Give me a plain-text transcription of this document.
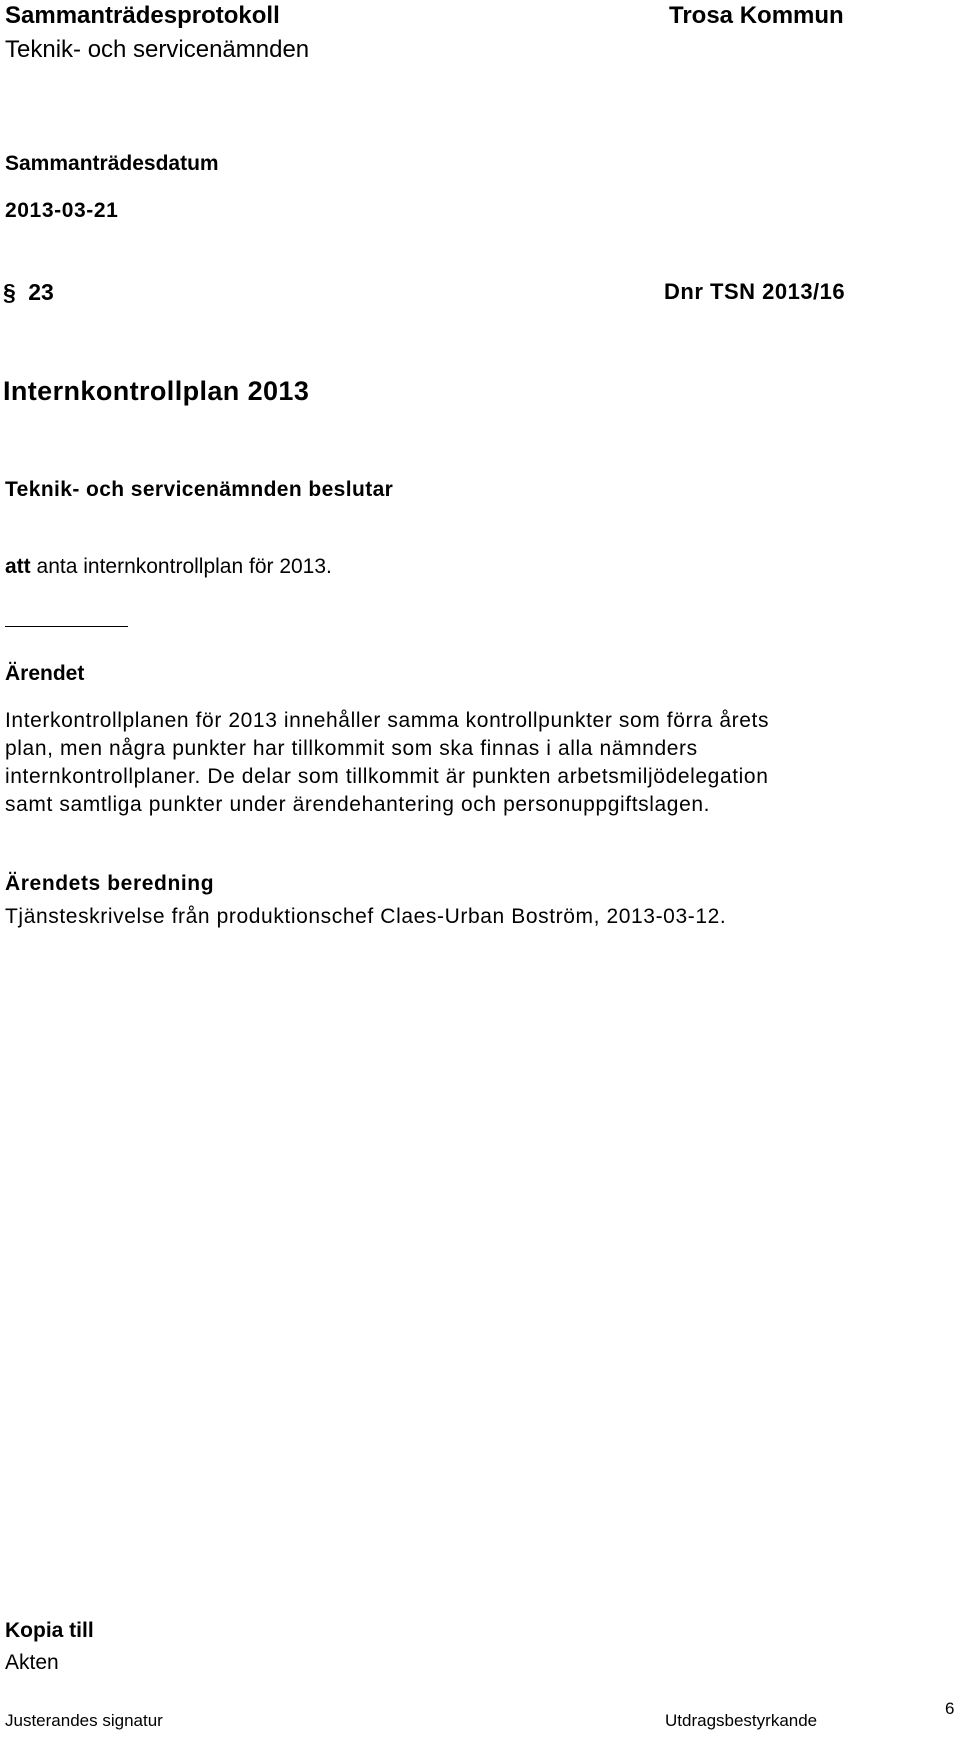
Sammanträdesprotokoll
Teknik- och servicenämnden
Trosa Kommun
Sammanträdesdatum
2013-03-21
§ 23	Dnr TSN 2013/16
Internkontrollplan 2013
Teknik- och servicenämnden beslutar
att anta internkontrollplan för 2013.
Ärendet
Interkontrollplanen för 2013 innehåller samma kontrollpunkter som förra årets
plan, men några punkter har tillkommit som ska finnas i alla nämnders
internkontrollplaner. De delar som tillkommit är punkten arbetsmiljödelegation
samt samtliga punkter under ärendehantering och personuppgiftslagen.
Ärendets beredning
Tjänsteskrivelse från produktionschef Claes-Urban Boström, 2013-03-12.
Kopia till
Akten
Justerandes signatur	Utdragsbestyrkande
6
